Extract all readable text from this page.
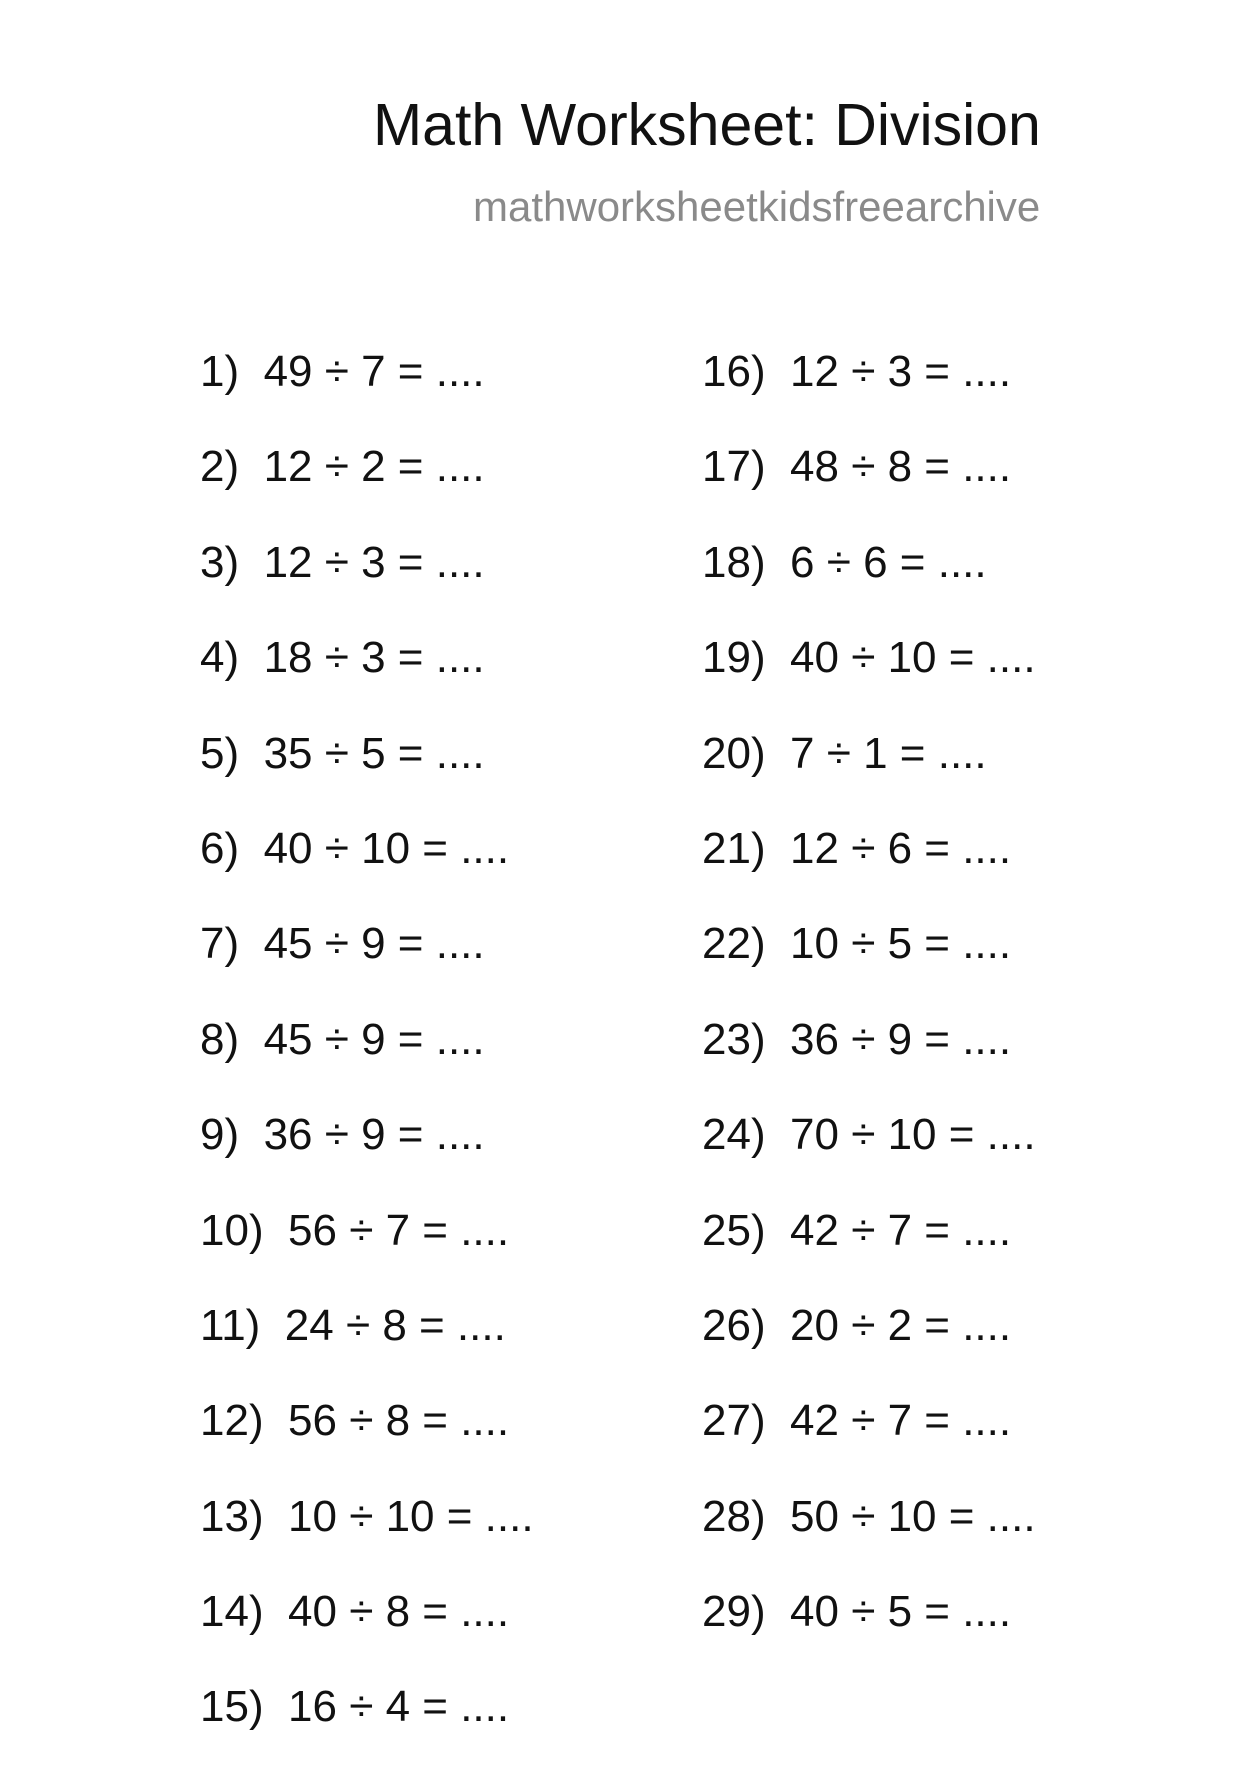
Math Worksheet: Division
mathworksheetkidsfreearchive
1)  49 ÷ 7 = ....
2)  12 ÷ 2 = ....
3)  12 ÷ 3 = ....
4)  18 ÷ 3 = ....
5)  35 ÷ 5 = ....
6)  40 ÷ 10 = ....
7)  45 ÷ 9 = ....
8)  45 ÷ 9 = ....
9)  36 ÷ 9 = ....
10)  56 ÷ 7 = ....
11)  24 ÷ 8 = ....
12)  56 ÷ 8 = ....
13)  10 ÷ 10 = ....
14)  40 ÷ 8 = ....
15)  16 ÷ 4 = ....
16)  12 ÷ 3 = ....
17)  48 ÷ 8 = ....
18)  6 ÷ 6 = ....
19)  40 ÷ 10 = ....
20)  7 ÷ 1 = ....
21)  12 ÷ 6 = ....
22)  10 ÷ 5 = ....
23)  36 ÷ 9 = ....
24)  70 ÷ 10 = ....
25)  42 ÷ 7 = ....
26)  20 ÷ 2 = ....
27)  42 ÷ 7 = ....
28)  50 ÷ 10 = ....
29)  40 ÷ 5 = ....
